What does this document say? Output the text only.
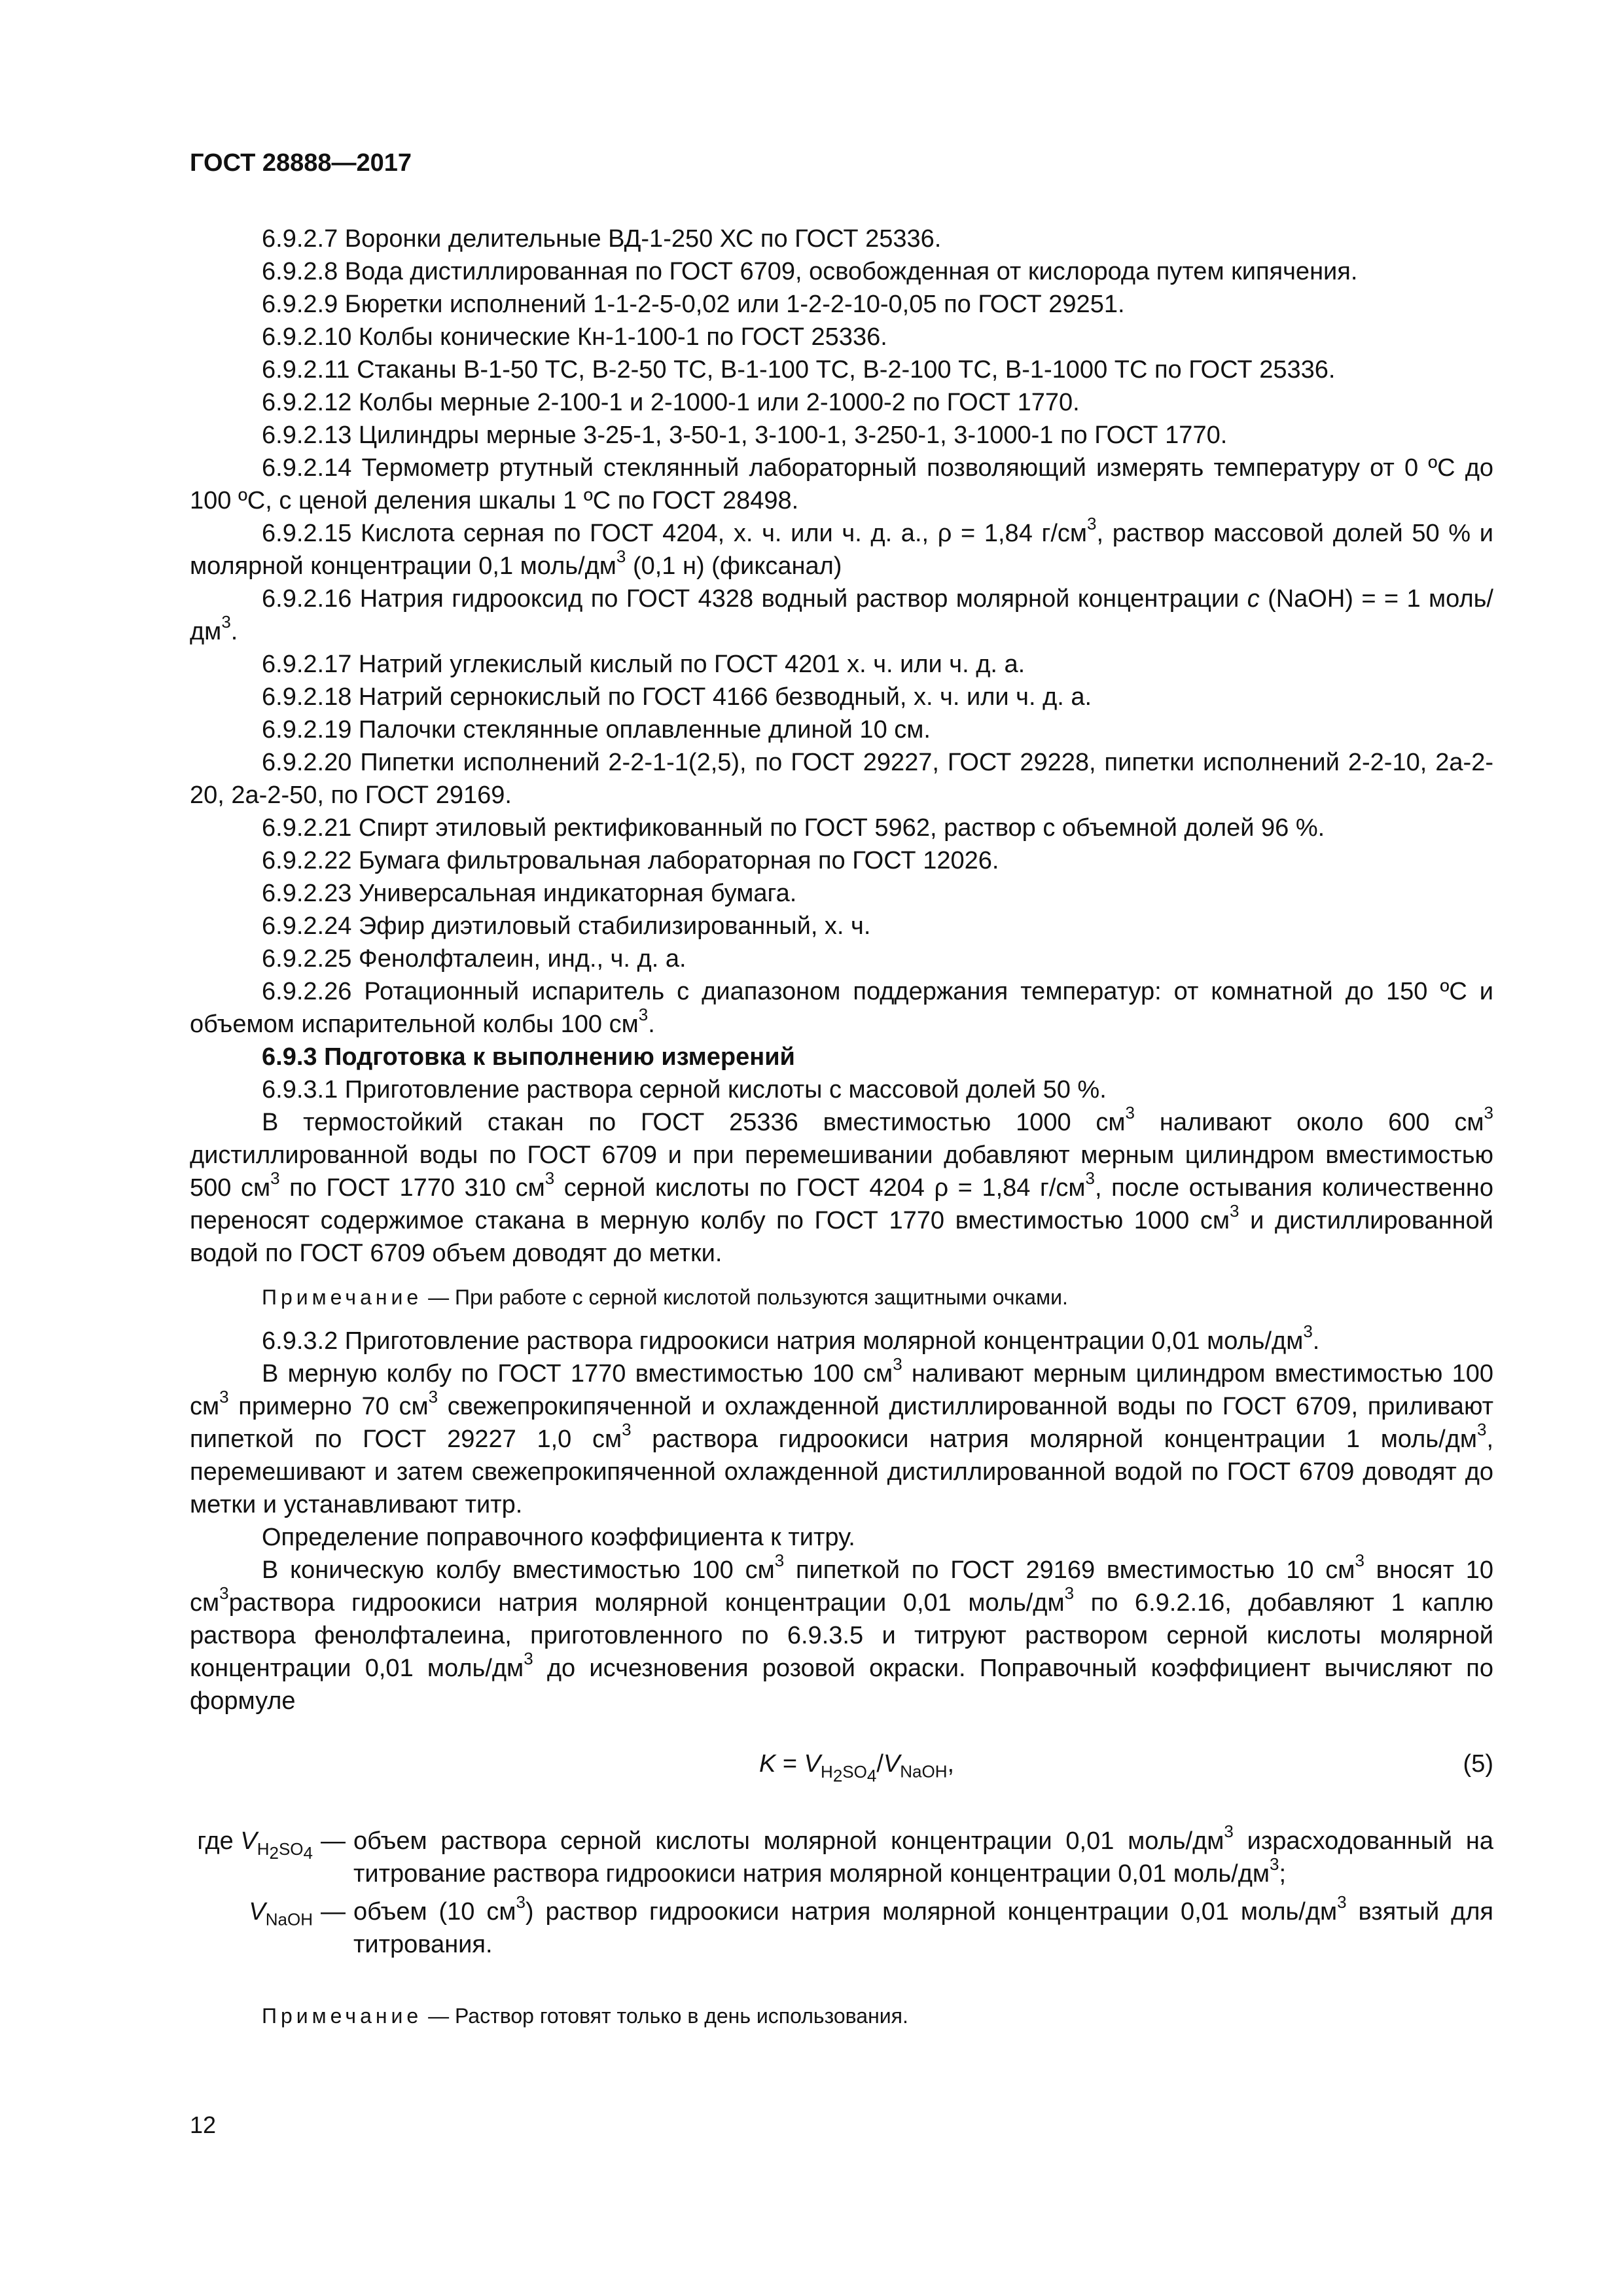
ГОСТ 28888—2017

6.9.2.7 Воронки делительные ВД-1-250 ХС по ГОСТ 25336.

6.9.2.8 Вода дистиллированная по ГОСТ 6709, освобожденная от кислорода путем кипячения.

6.9.2.9 Бюретки исполнений 1-1-2-5-0,02 или 1-2-2-10-0,05 по ГОСТ 29251.

6.9.2.10 Колбы конические Кн-1-100-1 по ГОСТ 25336.

6.9.2.11 Стаканы В-1-50 ТС, В-2-50 ТС, В-1-100 ТС, В-2-100 ТС, В-1-1000 ТС по ГОСТ 25336.

6.9.2.12 Колбы мерные 2-100-1 и 2-1000-1 или 2-1000-2 по ГОСТ 1770.

6.9.2.13 Цилиндры мерные 3-25-1, 3-50-1, 3-100-1, 3-250-1, 3-1000-1 по ГОСТ 1770.

6.9.2.14 Термометр ртутный стеклянный лабораторный позволяющий измерять температуру от 0 ºС до 100 ºС, с ценой деления шкалы 1 ºС по ГОСТ 28498.

6.9.2.15 Кислота серная по ГОСТ 4204, х. ч. или ч. д. а., ρ = 1,84 $г/см^3$, раствор массовой долей 50 % и молярной концентрации 0,1 моль/$дм^3$ (0,1 н) (фиксанал)

6.9.2.16 Натрия гидрооксид по ГОСТ 4328 водный раствор молярной концентрации с (NaOH) = = 1 моль/$дм^3$.

6.9.2.17 Натрий углекислый кислый по ГОСТ 4201 х. ч. или ч. д. а.

6.9.2.18 Натрий сернокислый по ГОСТ 4166 безводный, х. ч. или ч. д. а.

6.9.2.19 Палочки стеклянные оплавленные длиной 10 см.

6.9.2.20 Пипетки исполнений 2-2-1-1(2,5), по ГОСТ 29227, ГОСТ 29228, пипетки исполнений 2-2-10, 2а-2-20, 2а-2-50, по ГОСТ 29169.

6.9.2.21 Спирт этиловый ректификованный по ГОСТ 5962, раствор с объемной долей 96 %.

6.9.2.22 Бумага фильтровальная лабораторная по ГОСТ 12026.

6.9.2.23 Универсальная индикаторная бумага.

6.9.2.24 Эфир диэтиловый стабилизированный, х. ч.

6.9.2.25 Фенолфталеин, инд., ч. д. а.

6.9.2.26 Ротационный испаритель с диапазоном поддержания температур: от комнатной до 150 ºС и объемом испарительной колбы 100 $см^3$.

6.9.3 Подготовка к выполнению измерений

6.9.3.1 Приготовление раствора серной кислоты с массовой долей 50 %.

В термостойкий стакан по ГОСТ 25336 вместимостью 1000 $см^3$ наливают около 600 $см^3$ дистиллированной воды по ГОСТ 6709 и при перемешивании добавляют мерным цилиндром вместимостью 500 $см^3$ по ГОСТ 1770 310 $см^3$ серной кислоты по ГОСТ 4204 ρ = 1,84 $г/см^3$, после остывания количественно переносят содержимое стакана в мерную колбу по ГОСТ 1770 вместимостью 1000 $см^3$ и дистиллированной водой по ГОСТ 6709 объем доводят до метки.

Примечание — При работе с серной кислотой пользуются защитными очками.

6.9.3.2 Приготовление раствора гидроокиси натрия молярной концентрации 0,01 моль/$дм^3$.

В мерную колбу по ГОСТ 1770 вместимостью 100 $см^3$ наливают мерным цилиндром вместимостью 100 $см^3$ примерно 70 $см^3$ свежепрокипяченной и охлажденной дистиллированной воды по ГОСТ 6709, приливают пипеткой по ГОСТ 29227 1,0 $см^3$ раствора гидроокиси натрия молярной концентрации 1 моль/$дм^3$, перемешивают и затем свежепрокипяченной охлажденной дистиллированной водой по ГОСТ 6709 доводят до метки и устанавливают титр.

Определение поправочного коэффициента к титру.

В коническую колбу вместимостью 100 $см^3$ пипеткой по ГОСТ 29169 вместимостью 10 $см^3$ вносят 10 $см^3раствора$ гидроокиси натрия молярной концентрации 0,01 моль/$дм^3$ по 6.9.2.16, добавляют 1 каплю раствора фенолфталеина, приготовленного по 6.9.3.5 и титруют раствором серной кислоты молярной концентрации 0,01 моль/$дм^3$ до исчезновения розовой окраски. Поправочный коэффициент вычисляют по формуле

$K = V_{H_2SO_4}/V_{NaOH}$,	(5)
где $V_{H_2SO_4}$ — объем раствора серной кислоты молярной концентрации 0,01 моль/$дм^3$ израсходованный на титрование раствора гидроокиси натрия молярной концентрации 0,01 моль/$дм^3$;
$V_{NaOH}$ — объем (10 $см^3$) раствор гидроокиси натрия молярной концентрации 0,01 моль/$дм^3$ взятый для титрования.

Примечание — Раствор готовят только в день использования.

12
